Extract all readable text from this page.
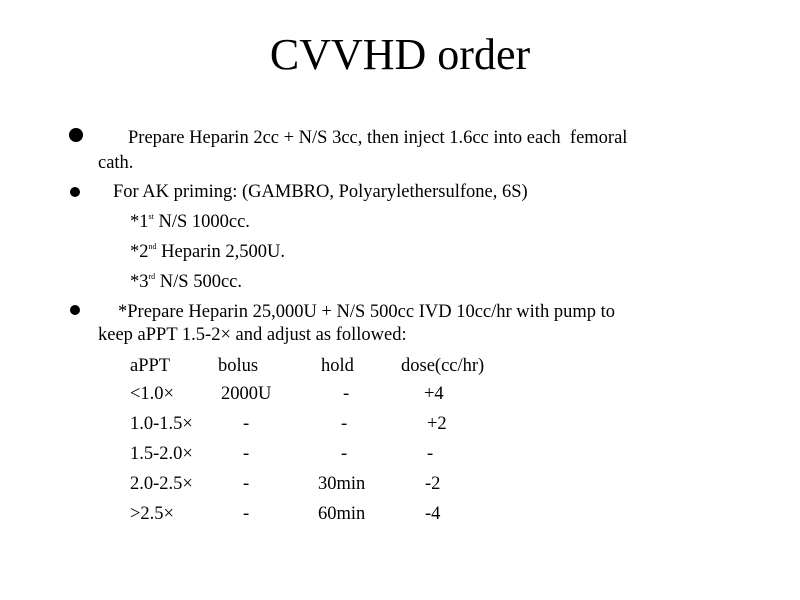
CVVHD order
Prepare Heparin 2cc + N/S 3cc, then inject 1.6cc into each  femoral
cath.
For AK priming: (GAMBRO, Polyarylethersulfone, 6S)
*1st N/S 1000cc.
*2nd Heparin 2,500U.
*3rd N/S 500cc.
*Prepare Heparin 25,000U + N/S 500cc IVD 10cc/hr with pump to
keep aPPT 1.5-2× and adjust as followed:
aPPT	bolus	hold	dose(cc/hr)
<1.0×	2000U	-	+4
1.0-1.5×	-	-	+2
1.5-2.0×	-	-	-
2.0-2.5×	-	30min	-2
>2.5×	-	60min	-4
